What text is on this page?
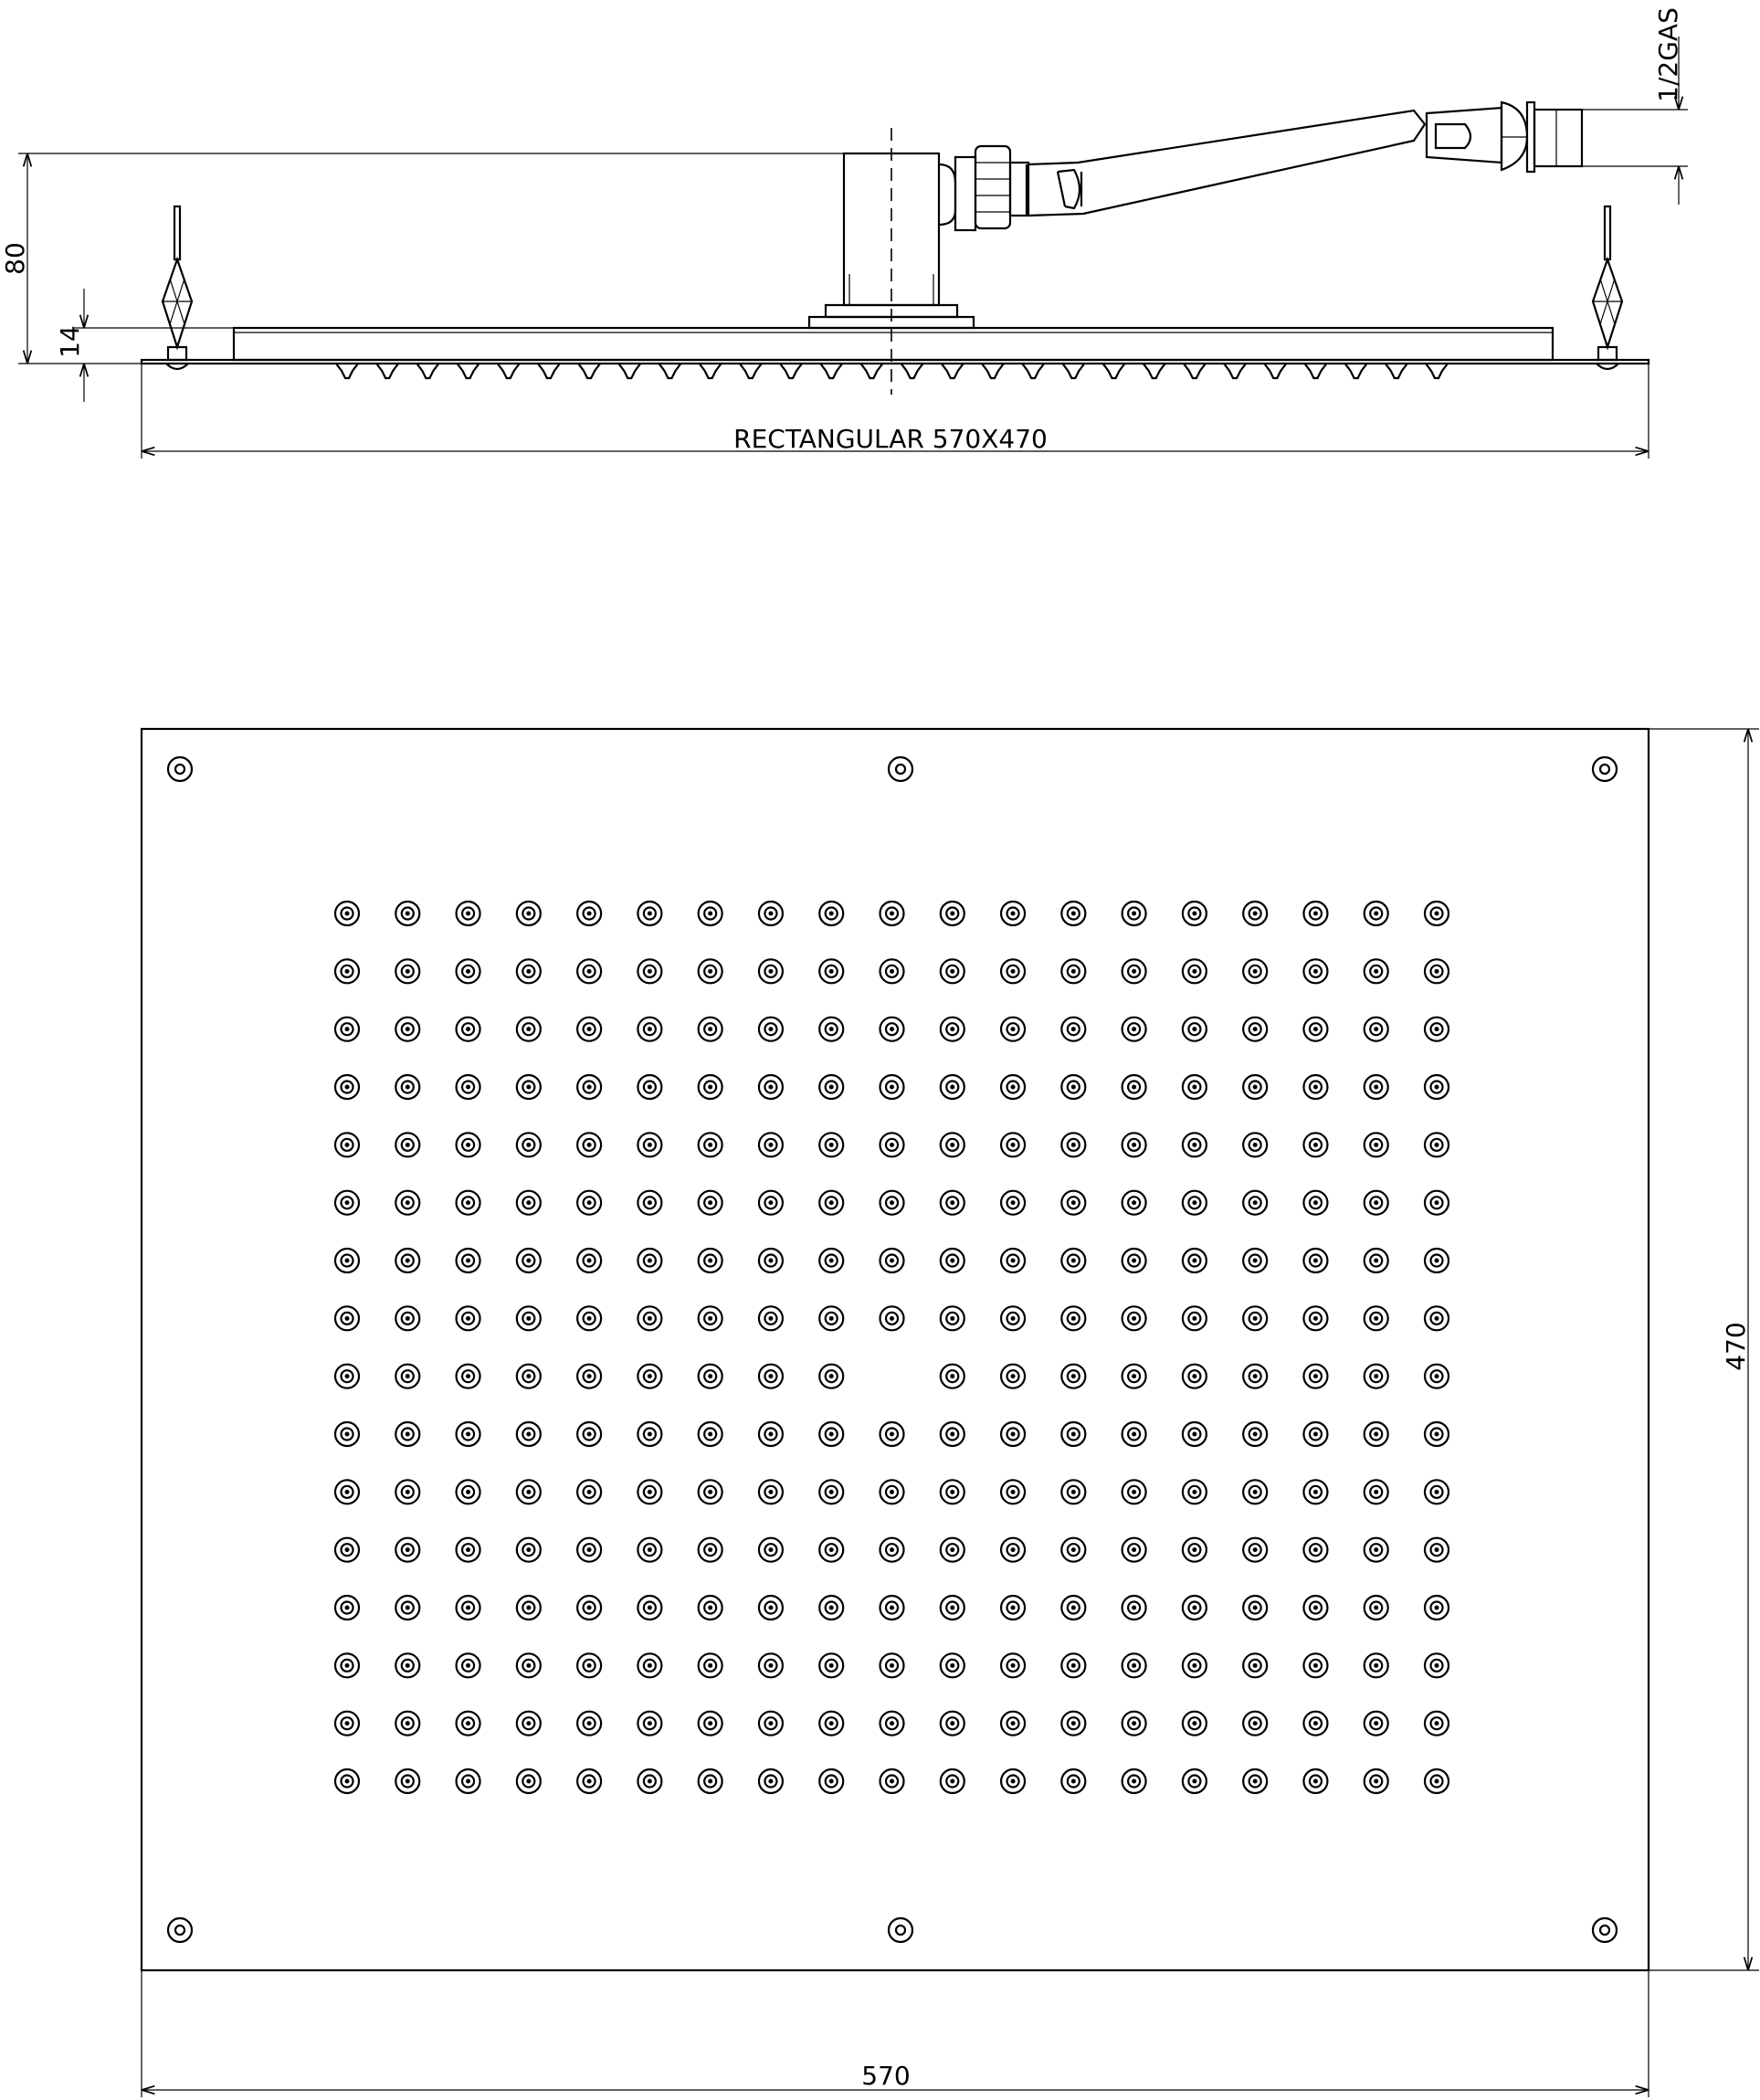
80
14
1/2GAS
RECTANGULAR 570X470
470
570
